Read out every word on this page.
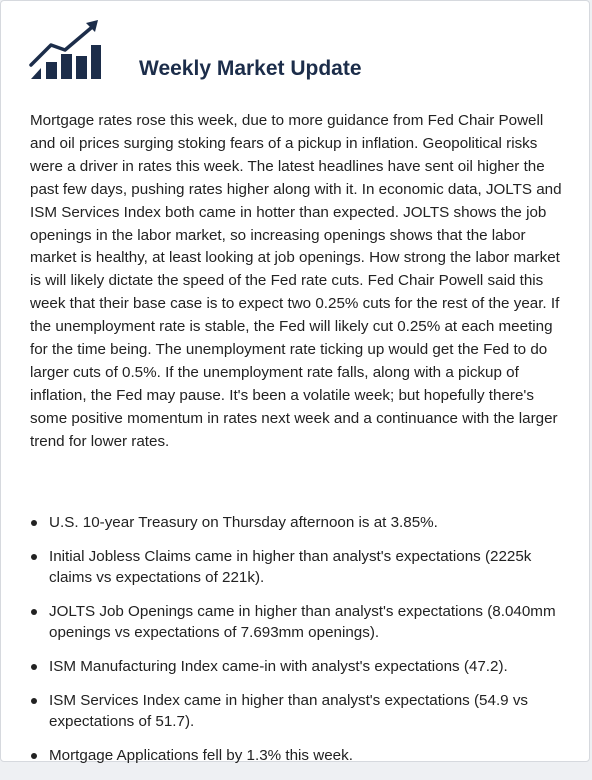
Weekly Market Update

Mortgage rates rose this week, due to more guidance from Fed Chair Powell and oil prices surging stoking fears of a pickup in inflation. Geopolitical risks were a driver in rates this week. The latest headlines have sent oil higher the past few days, pushing rates higher along with it. In economic data, JOLTS and ISM Services Index both came in hotter than expected. JOLTS shows the job openings in the labor market, so increasing openings shows that the labor market is healthy, at least looking at job openings. How strong the labor market is will likely dictate the speed of the Fed rate cuts. Fed Chair Powell said this week that their base case is to expect two 0.25% cuts for the rest of the year. If the unemployment rate is stable, the Fed will likely cut 0.25% at each meeting for the time being. The unemployment rate ticking up would get the Fed to do larger cuts of 0.5%. If the unemployment rate falls, along with a pickup of inflation, the Fed may pause. It's been a volatile week; but hopefully there's some positive momentum in rates next week and a continuance with the larger trend for lower rates.

U.S. 10-year Treasury on Thursday afternoon is at 3.85%.
Initial Jobless Claims came in higher than analyst's expectations (2225k claims vs expectations of 221k).
JOLTS Job Openings came in higher than analyst's expectations (8.040mm openings vs expectations of 7.693mm openings).
ISM Manufacturing Index came-in with analyst's expectations (47.2).
ISM Services Index came in higher than analyst's expectations (54.9 vs expectations of 51.7).
Mortgage Applications fell by 1.3% this week.
